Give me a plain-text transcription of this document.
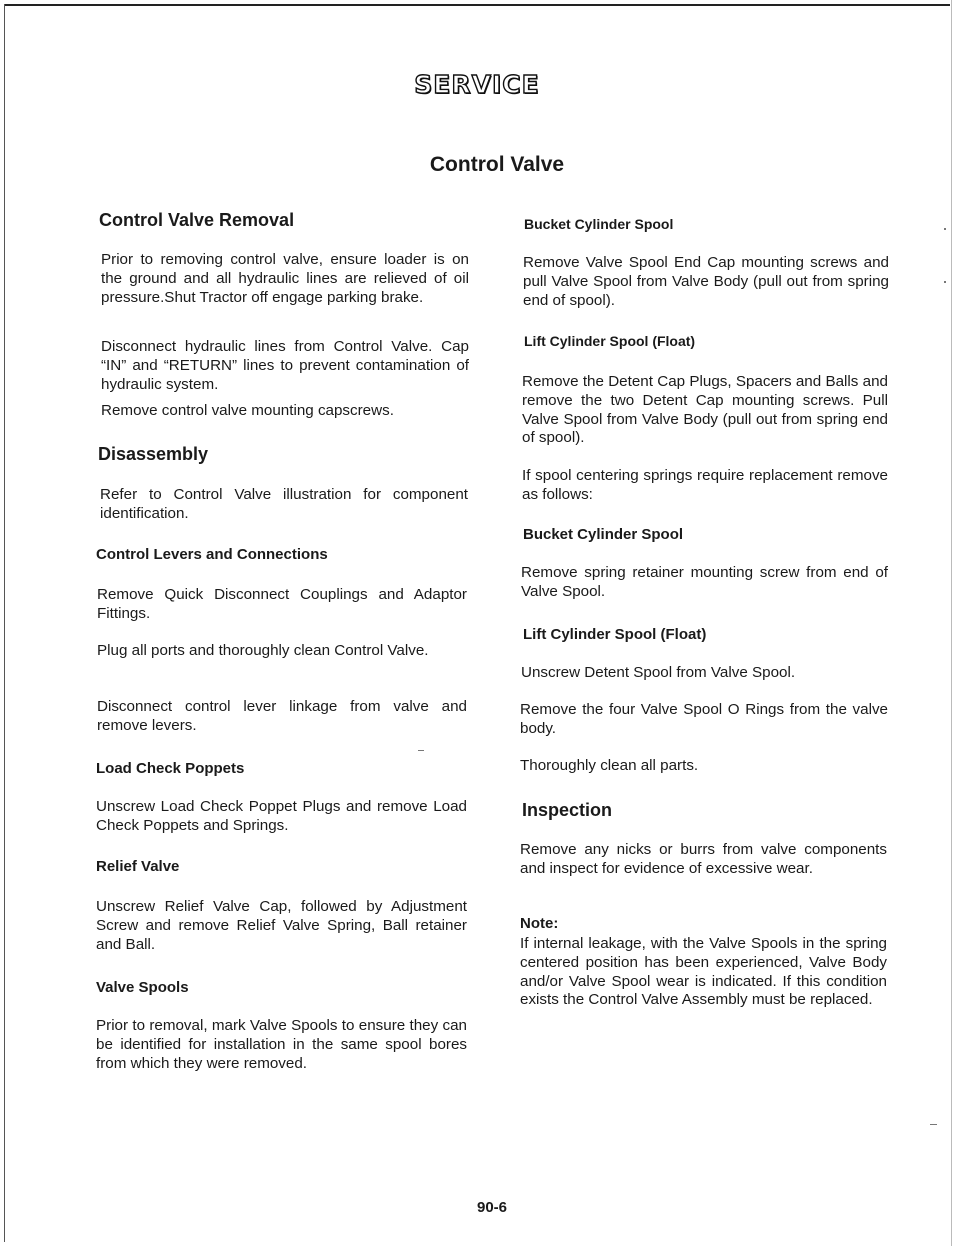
SERVICE
Control Valve
Control Valve Removal
Prior to removing control valve, ensure loader is on the ground and all hydraulic lines are relieved of oil pressure.Shut Tractor off engage parking brake.
Disconnect hydraulic lines from Control Valve. Cap “IN” and “RETURN” lines to prevent contamination of hydraulic system.
Remove control valve mounting capscrews.
Disassembly
Refer to Control Valve illustration for component identification.
Control Levers and Connections
Remove Quick Disconnect Couplings and Adaptor Fittings.
Plug all ports and thoroughly clean Control Valve.
Disconnect control lever linkage from valve and remove levers.
Load Check Poppets
Unscrew Load Check Poppet Plugs and remove Load Check Poppets and Springs.
Relief Valve
Unscrew Relief Valve Cap, followed by Adjustment Screw and remove Relief Valve Spring, Ball retainer and Ball.
Valve Spools
Prior to removal, mark Valve Spools to ensure they can be identified for installation in the same spool bores from which they were removed.
Bucket Cylinder Spool
Remove Valve Spool End Cap mounting screws and pull Valve Spool from Valve Body (pull out from spring end of spool).
Lift Cylinder Spool (Float)
Remove the Detent Cap Plugs, Spacers and Balls and remove the two Detent Cap mounting screws. Pull Valve Spool from Valve Body (pull out from spring end of spool).
If spool centering springs require replacement remove as follows:
Bucket Cylinder Spool
Remove spring retainer mounting screw from end of Valve Spool.
Lift Cylinder Spool (Float)
Unscrew Detent Spool from Valve Spool.
Remove the four Valve Spool O Rings from the valve body.
Thoroughly clean all parts.
Inspection
Remove any nicks or burrs from valve components and inspect for evidence of excessive wear.
Note:
If internal leakage, with the Valve Spools in the spring centered position has been experienced, Valve Body and/or Valve Spool wear is indicated. If this condition exists the Control Valve Assembly must be replaced.
90-6
